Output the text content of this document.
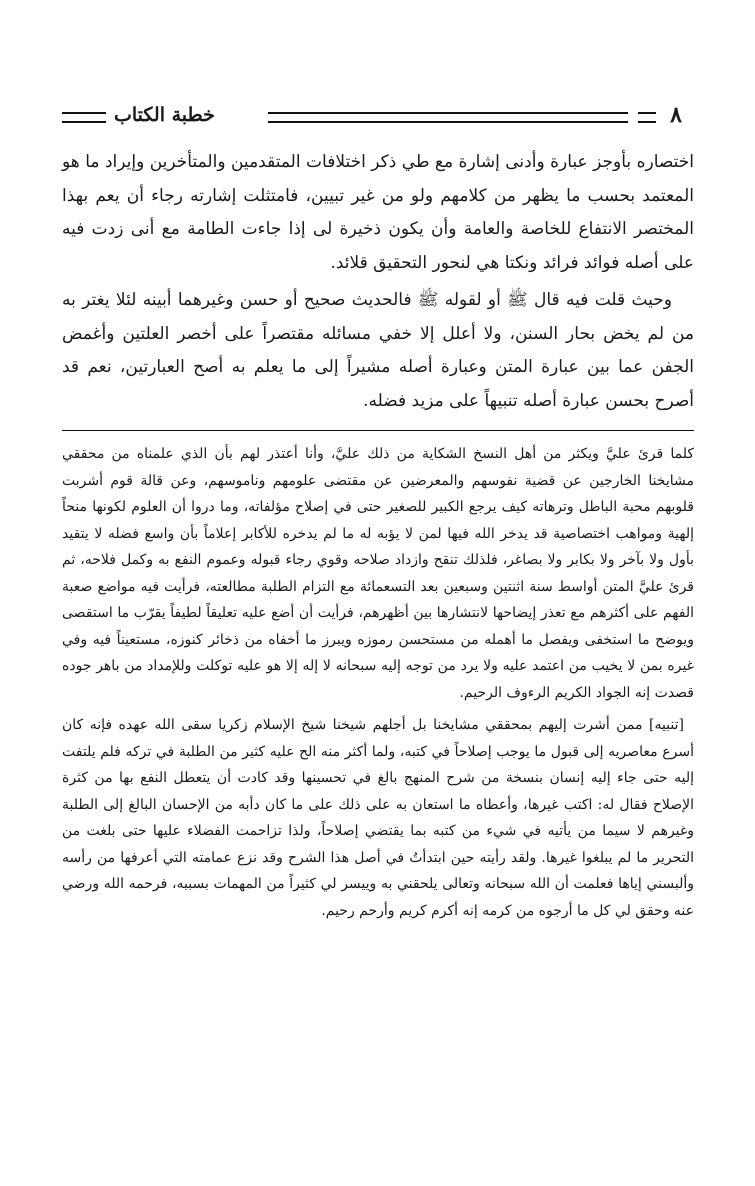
٨
خطبة الكتاب

اختصاره بأوجز عبارة وأدنى إشارة مع طي ذكر اختلافات المتقدمين والمتأخرين وإيراد ما هو المعتمد بحسب ما يظهر من كلامهم ولو من غير تبيين، فامتثلت إشارته رجاء أن يعم بهذا المختصر الانتفاع للخاصة والعامة وأن يكون ذخيرة لى إذا جاءت الطامة مع أنى زدت فيه على أصله فوائد فرائد ونكتا هي لنحور التحقيق قلائد.

وحيث قلت فيه قال ﷺ أو لقوله ﷺ فالحديث صحيح أو حسن وغيرهما أبينه لئلا يغتر به من لم يخض بحار السنن، ولا أعلل إلا خفي مسائله مقتصراً على أخصر العلتين وأغمض الجفن عما بين عبارة المتن وعبارة أصله مشيراً إلى ما يعلم به أصح العبارتين، نعم قد أصرح بحسن عبارة أصله تنبيهاً على مزيد فضله.

كلما قرئ عليَّ ويكثر من أهل النسخ الشكاية من ذلك عليَّ، وأنا أعتذر لهم بأن الذي علمناه من محققي مشايخنا الخارجين عن قضية نفوسهم والمعرضين عن مقتضى علومهم وناموسهم، وعن قالة قوم أشربت قلوبهم محبة الباطل وترهاته كيف يرجع الكبير للصغير حتى في إصلاح مؤلفاته، وما دروا أن العلوم لكونها منحاً إلهية ومواهب اختصاصية قد يدخر الله فيها لمن لا يؤبه له ما لم يدخره للأكابر إعلاماً بأن واسع فضله لا يتقيد بأول ولا بآخر ولا بكابر ولا بصاغر، فلذلك تنقح وازداد صلاحه وقوي رجاء قبوله وعموم النفع به وكمل فلاحه، ثم قرئ عليَّ المتن أواسط سنة اثنتين وسبعين بعد التسعمائة مع التزام الطلبة مطالعته، فرأيت فيه مواضع صعبة الفهم على أكثرهم مع تعذر إيضاحها لانتشارها بين أظهرهم، فرأيت أن أضع عليه تعليقاً لطيفاً يقرّب ما استقصى ويوضح ما استخفى ويفصل ما أهمله من مستحسن رموزه ويبرز ما أخفاه من ذخائر كنوزه، مستعيناً فيه وفي غيره بمن لا يخيب من اعتمد عليه ولا يرد من توجه إليه سبحانه لا إله إلا هو عليه توكلت وللإمداد من باهر جوده قصدت إنه الجواد الكريم الرءوف الرحيم.

[تنبيه] ممن أشرت إليهم بمحققي مشايخنا بل أجلهم شيخنا شيخ الإسلام زكريا سقى الله عهده فإنه كان أسرع معاصريه إلى قبول ما يوجب إصلاحاً في كتبه، ولما أكثر منه الح عليه كثير من الطلبة في تركه فلم يلتفت إليه حتى جاء إليه إنسان بنسخة من شرح المنهج بالغ في تحسينها وقد كادت أن يتعطل النفع بها من كثرة الإصلاح فقال له: اكتب غيرها، وأعطاه ما استعان به على ذلك على ما كان دأبه من الإحسان البالغ إلى الطلبة وغيرهم لا سيما من يأتيه في شيء من كتبه بما يقتضي إصلاحاً، ولذا تزاحمت الفضلاء عليها حتى بلغت من التحرير ما لم يبلغوا غيرها. ولقد رأيته حين ابتدأتُ في أصل هذا الشرح وقد نزع عمامته التي أعرفها من رأسه وألبسني إياها فعلمت أن الله سبحانه وتعالى يلحقني به وييسر لي كثيراً من المهمات بسببه، فرحمه الله ورضي عنه وحقق لي كل ما أرجوه من كرمه إنه أكرم كريم وأرحم رحيم.
